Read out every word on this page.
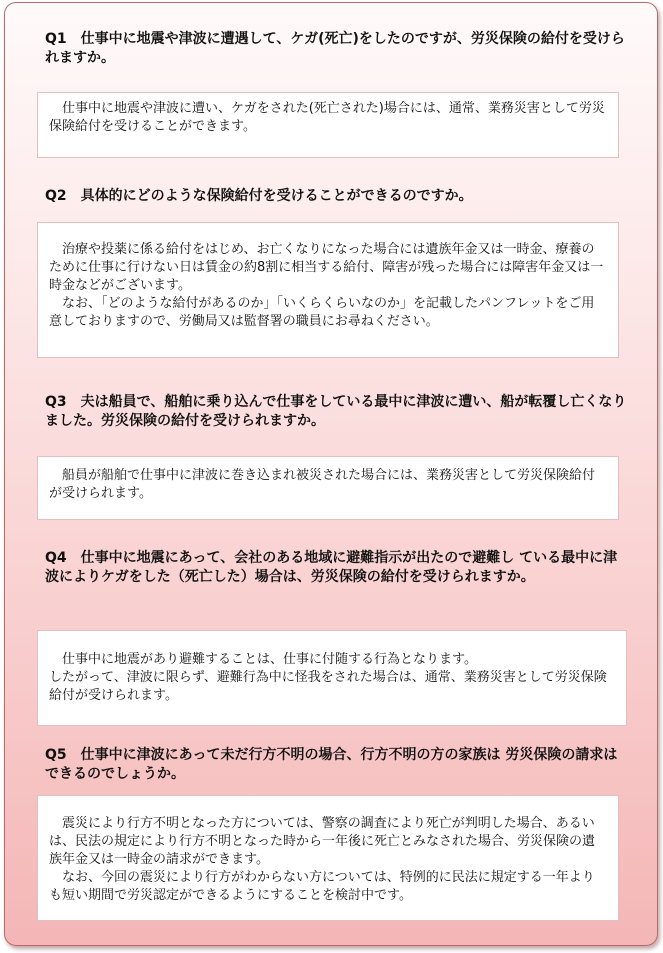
Q1　仕事中に地震や津波に遭遇して、ケガ(死亡)をしたのですが、労災保険の給付を受けられますか。

　仕事中に地震や津波に遭い、ケガをされた(死亡された)場合には、通常、業務災害として労災保険給付を受けることができます。

Q2　具体的にどのような保険給付を受けることができるのですか。

　治療や投薬に係る給付をはじめ、お亡くなりになった場合には遺族年金又は一時金、療養のために仕事に行けない日は賃金の約8割に相当する給付、障害が残った場合には障害年金又は一時金などがございます。

　なお、「どのような給付があるのか」「いくらくらいなのか」を記載したパンフレットをご用意しておりますので、労働局又は監督署の職員にお尋ねください。

Q3　夫は船員で、船舶に乗り込んで仕事をしている最中に津波に遭い、船が転覆し亡くなりました。労災保険の給付を受けられますか。

　船員が船舶で仕事中に津波に巻き込まれ被災された場合には、業務災害として労災保険給付が受けられます。

Q4　仕事中に地震にあって、会社のある地域に避難指示が出たので避難し ている最中に津波によりケガをした（死亡した）場合は、労災保険の給付を受けられますか。

　仕事中に地震があり避難することは、仕事に付随する行為となります。

したがって、津波に限らず、避難行為中に怪我をされた場合は、通常、業務災害として労災保険給付が受けられます。

Q5　仕事中に津波にあって未だ行方不明の場合、行方不明の方の家族は 労災保険の請求はできるのでしょうか。

　震災により行方不明となった方については、警察の調査により死亡が判明した場合、あるいは、民法の規定により行方不明となった時から一年後に死亡とみなされた場合、労災保険の遺族年金又は一時金の請求ができます。

　なお、今回の震災により行方がわからない方については、特例的に民法に規定する一年よりも短い期間で労災認定ができるようにすることを検討中です。
